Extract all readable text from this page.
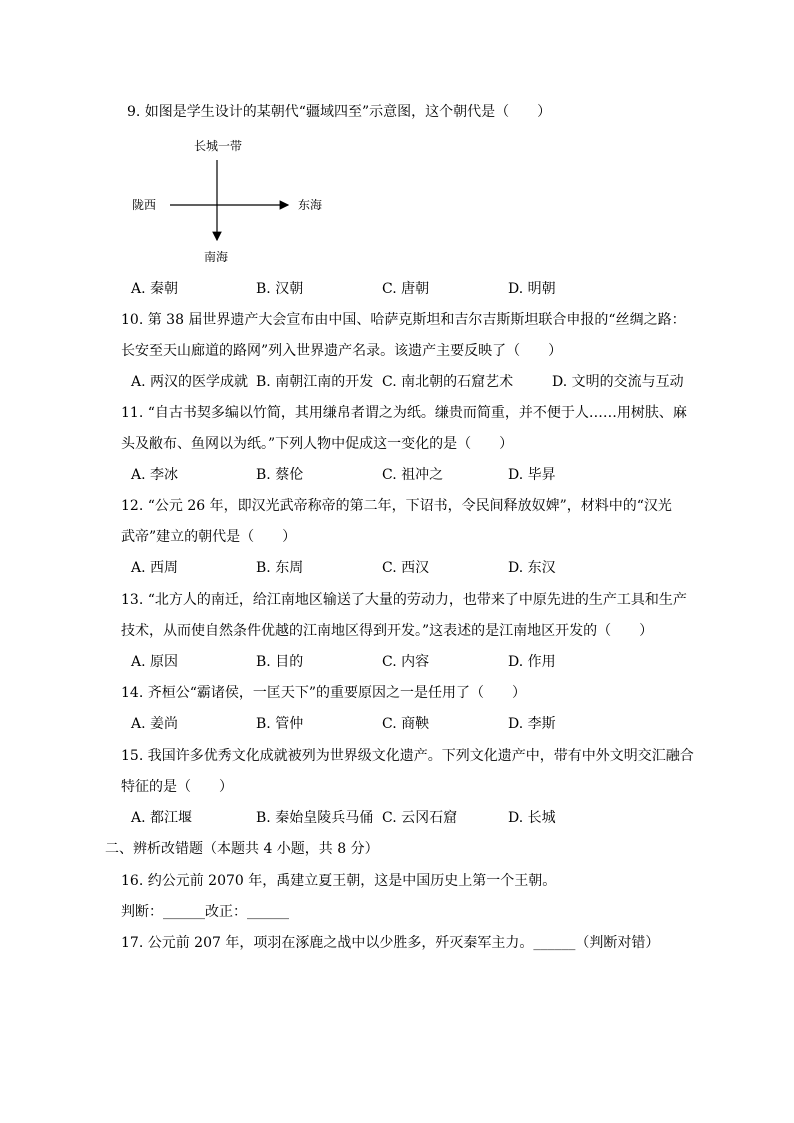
9. 如图是学生设计的某朝代“疆域四至”示意图，这个朝代是（　　）
长城一带
陇西	东海
南海
A. 秦朝	B. 汉朝	C. 唐朝	D. 明朝
10. 第 38 届世界遗产大会宣布由中国、哈萨克斯坦和吉尔吉斯斯坦联合申报的“丝绸之路：
长安至天山廊道的路网”列入世界遗产名录。该遗产主要反映了（　　）
A. 两汉的医学成就 B. 南朝江南的开发 C. 南北朝的石窟艺术	D. 文明的交流与互动
11. “自古书契多编以竹简，其用缣帛者谓之为纸。缣贵而简重，并不便于人……用树肤、麻
头及敝布、鱼网以为纸。”下列人物中促成这一变化的是（　　）
A. 李冰	B. 蔡伦	C. 祖冲之	D. 毕昇
12. “公元 26 年，即汉光武帝称帝的第二年，下诏书，令民间释放奴婢”，材料中的“汉光
武帝”建立的朝代是（　　）
A. 西周	B. 东周	C. 西汉	D. 东汉
13. “北方人的南迁，给江南地区输送了大量的劳动力，也带来了中原先进的生产工具和生产
技术，从而使自然条件优越的江南地区得到开发。”这表述的是江南地区开发的（　　）
A. 原因	B. 目的	C. 内容	D. 作用
14. 齐桓公“霸诸侯，一匡天下”的重要原因之一是任用了（　　）
A. 姜尚	B. 管仲	C. 商鞅	D. 李斯
15. 我国许多优秀文化成就被列为世界级文化遗产。下列文化遗产中，带有中外文明交汇融合
特征的是（　　）
A. 都江堰	B. 秦始皇陵兵马俑 C. 云冈石窟	D. 长城
二、辨析改错题（本题共 4 小题，共 8 分）
16. 约公元前 2070 年，禹建立夏王朝，这是中国历史上第一个王朝。
判断：______改正：______
17. 公元前 207 年，项羽在涿鹿之战中以少胜多，歼灭秦军主力。______（判断对错）
